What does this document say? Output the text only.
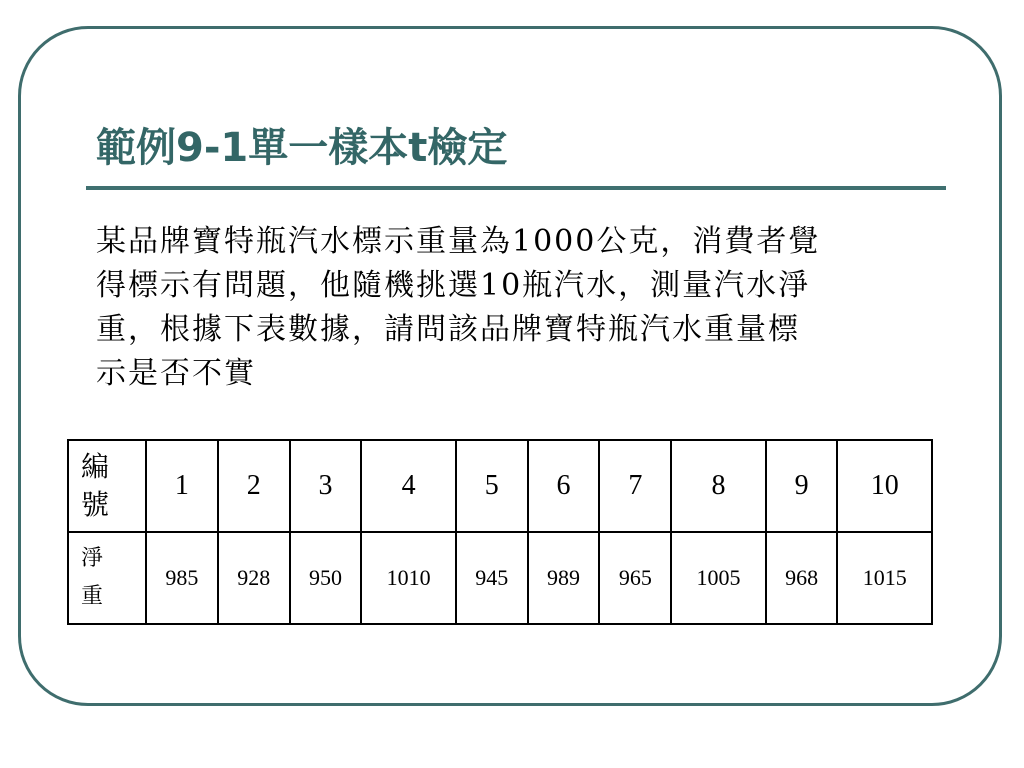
範例9-1單一樣本t檢定
某品牌寶特瓶汽水標示重量為1000公克，消費者覺
得標示有問題，他隨機挑選10瓶汽水，測量汽水淨
重，根據下表數據，請問該品牌寶特瓶汽水重量標
示是否不實
編
號	1	2	3	4	5	6	7	8	9	10

淨
重	985	928	950	1010	945	989	965	1005	968	1015
